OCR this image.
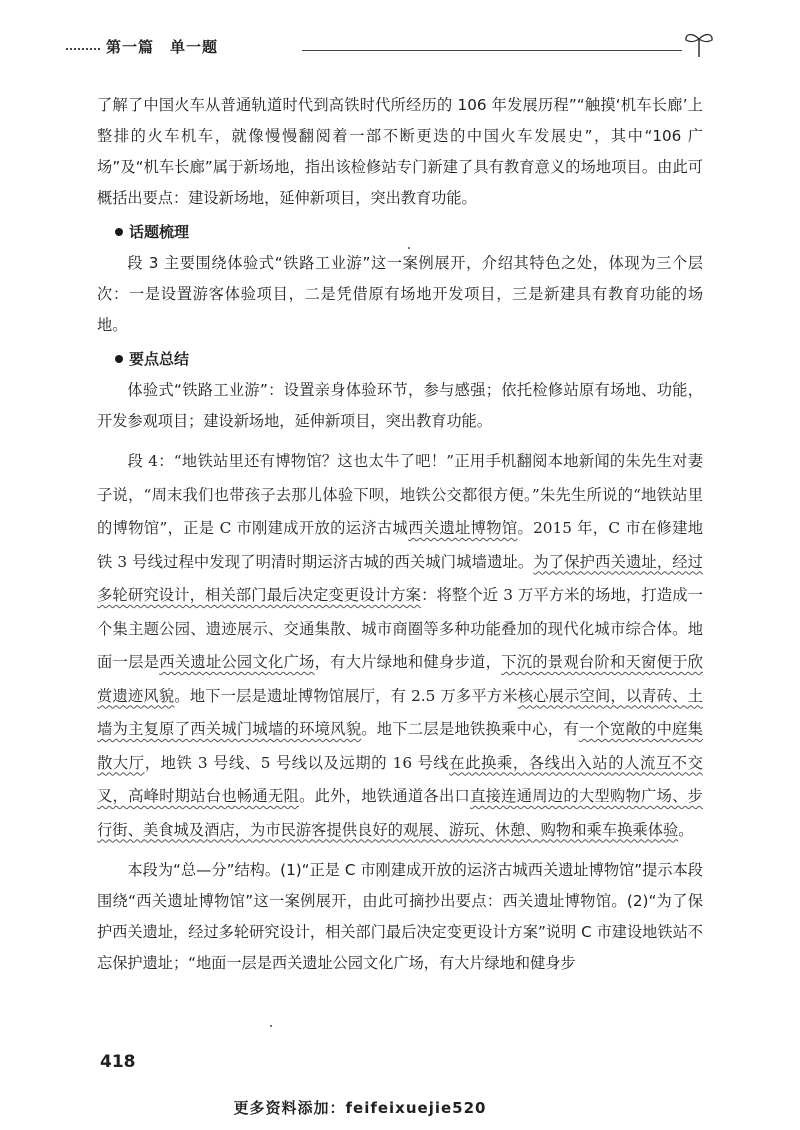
第一篇　单一题

了解了中国火车从普通轨道时代到高铁时代所经历的 106 年发展历程”“触摸‘机车长廊’上整排的火车机车，就像慢慢翻阅着一部不断更迭的中国火车发展史”，其中“106 广场”及“机车长廊”属于新场地，指出该检修站专门新建了具有教育意义的场地项目。由此可概括出要点：建设新场地，延伸新项目，突出教育功能。

话题梳理

段 3 主要围绕体验式“铁路工业游”这一案例展开，介绍其特色之处，体现为三个层次：一是设置游客体验项目，二是凭借原有场地开发项目，三是新建具有教育功能的场地。

要点总结

体验式“铁路工业游”：设置亲身体验环节，参与感强；依托检修站原有场地、功能，开发参观项目；建设新场地，延伸新项目，突出教育功能。

段 4：“地铁站里还有博物馆？这也太牛了吧！”正用手机翻阅本地新闻的朱先生对妻子说，“周末我们也带孩子去那儿体验下呗，地铁公交都很方便。”朱先生所说的“地铁站里的博物馆”，正是 C 市刚建成开放的运济古城西关遗址博物馆。2015 年，C 市在修建地铁 3 号线过程中发现了明清时期运济古城的西关城门城墙遗址。为了保护西关遗址，经过多轮研究设计，相关部门最后决定变更设计方案：将整个近 3 万平方米的场地，打造成一个集主题公园、遗迹展示、交通集散、城市商圈等多种功能叠加的现代化城市综合体。地面一层是西关遗址公园文化广场，有大片绿地和健身步道，下沉的景观台阶和天窗便于欣赏遗迹风貌。地下一层是遗址博物馆展厅，有 2.5 万多平方米核心展示空间，以青砖、土墙为主复原了西关城门城墙的环境风貌。地下二层是地铁换乘中心，有一个宽敞的中庭集散大厅，地铁 3 号线、5 号线以及远期的 16 号线在此换乘，各线出入站的人流互不交叉，高峰时期站台也畅通无阻。此外，地铁通道各出口直接连通周边的大型购物广场、步行街、美食城及酒店，为市民游客提供良好的观展、游玩、休憩、购物和乘车换乘体验。

本段为“总—分”结构。(1)“正是 C 市刚建成开放的运济古城西关遗址博物馆”提示本段围绕“西关遗址博物馆”这一案例展开，由此可摘抄出要点：西关遗址博物馆。(2)“为了保护西关遗址，经过多轮研究设计，相关部门最后决定变更设计方案”说明 C 市建设地铁站不忘保护遗址；“地面一层是西关遗址公园文化广场，有大片绿地和健身步

418
更多资料添加：feifeixuejie520
